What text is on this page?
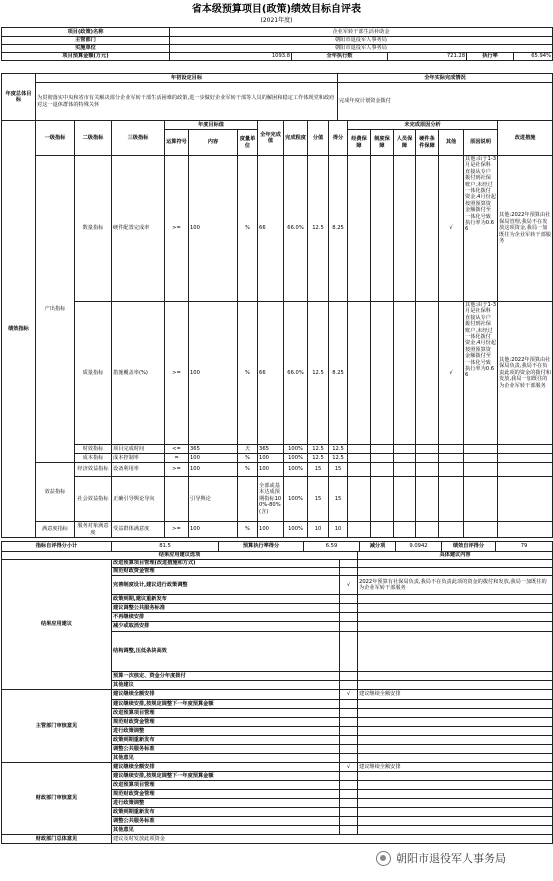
省本级预算项目(政策)绩效目标自评表
(2021年度)
项目(政策)名称	企业军转干部生活补助金				
主管部门	朝阳市退役军人事务局				
实施单位	朝阳市退役军人事务局				
项目预算金额(万元)	1093.8	全年执行数	721.28	执行率	65.94%
年度总体目标	年初设定目标	全年实际完成情况
	为贯彻落实中央和省市有关解决部分企业军转干部生活困难的政策,进一步做好企业军转干部等人员的解困和稳定工作体现党和政府对这一退休群体的特殊关怀	完成年度计划资金拨付
绩效指标	一级指标	二级指标	三级指标	年度目标值			全年完成值	完成程度	分值	得分	未完成原因分析						改进措施
				运算符号	内容	度量单位					经费保障	制度保障	人员保障	硬件条件保障	其他	原因说明	
	产出指标	数量指标	硬件配置完成率	>=	100	%	66	66.0%	12.5	8.25					√	其他:由于1-3月是社保科直接从专户拨付到社保账户,未经过一体化拨付资金,4月份起按照预算资金额拨付至一体化号致执行率为0.66	其他:2022年预算由社保局管理,我局不在发放这项资金,我局一加既往为企业军转干部服务
		质量指标	措施覆盖率(%)	>=	100	%	66	66.0%	12.5	8.25					√	其他:由于1-3月是社保科直接从专户拨付到社保账户,未经过一体化拨付资金,4月份起按照预算资金额拨付至一体化号致执行率为0.66	其他:2022年预算由社保局负责,我局不在负责此项的资金的拨付和发放,我局一加既往的为企业军转干部服务
		时效指标	项目完成时间	<=	365	天	365	100%	12.5	12.5							
		成本指标	成本控制率	=	100	%	100	100%	12.5	12.5							
	效益指标	经济效益指标	设备利用率	>=	100	%	100	100%	15	15							
		社会效益指标	正确引导舆论导向		引导舆论		全部或基本达成预期指标100%-80%(含)	100%	15	15							
	满意度指标	服务对象满意度	受益群体满意度	>=	100	%	100	100%	10	10							
指标自评得分小计	81.5	预算执行率得分	6.59	减分项	9.0942	绩效自评得分	79
结果应用建议选项			具体建议内容
结果应用建议	改进预算项目管理(改进措施和方式)		
	规范财政资金管理		
	完善制度设计,建议进行政策调整	√	2022年预算有社保局负责,我局不在负责此项的资金的拨付和发放,我局一加既往的为企业军转干部服务
	政策到期,建议重新发布		
	建议调整公共服务标准		
	不再继续安排		
	减少或取消安排		
	结构调整,压低条块高效		
	预算一次核定、资金分年度拨付		
	其他建议		
主管部门审核意见	建议继续全额安排	√	建议继续全额安排
	建议继续安排,按规定调整下一年度预算金额		
	改进预算项目管理		
	规范财政资金管理		
	进行政策调整		
	政策到期重新发布		
	调整公共服务标准		
	其他意见		
财政部门审核意见	建议继续全额安排	√	建议继续全额安排
	建议继续安排,按规定调整下一年度预算金额		
	改进预算项目管理		
	规范财政资金管理		
	进行政策调整		
	政策到期重新发布		
	调整公共服务标准		
	其他意见		
财政部门总体意见	建议及时发放此项资金		
朝阳市退役军人事务局
